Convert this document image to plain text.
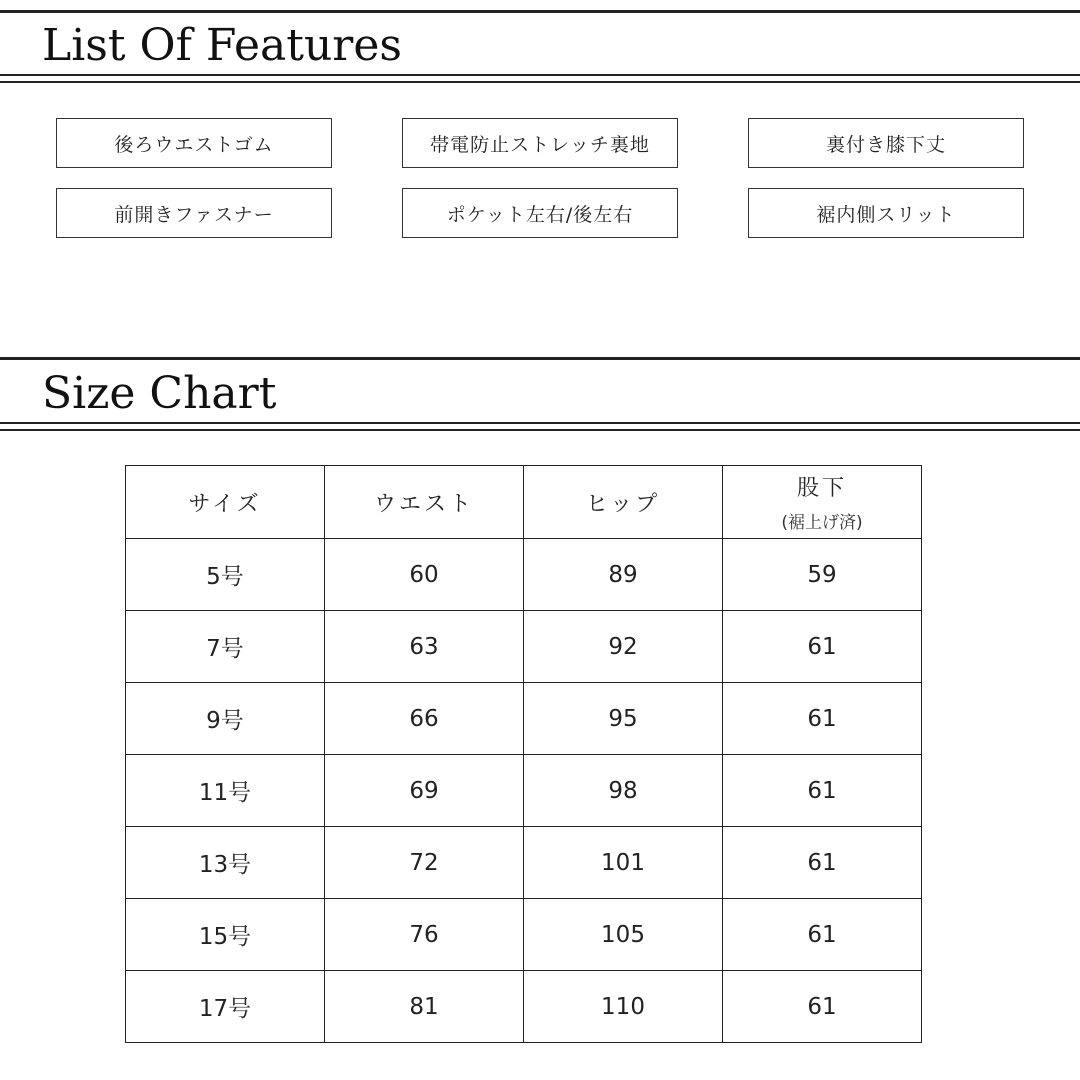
List Of Features
後ろウエストゴム	帯電防止ストレッチ裏地	裏付き膝下丈
前開きファスナー	ポケット左右/後左右	裾内側スリット
Size Chart
サイズ	ウエスト	ヒップ	股下
(裾上げ済)

5号	60	89	59
7号	63	92	61
9号	66	95	61
11号	69	98	61
13号	72	101	61
15号	76	105	61
17号	81	110	61
